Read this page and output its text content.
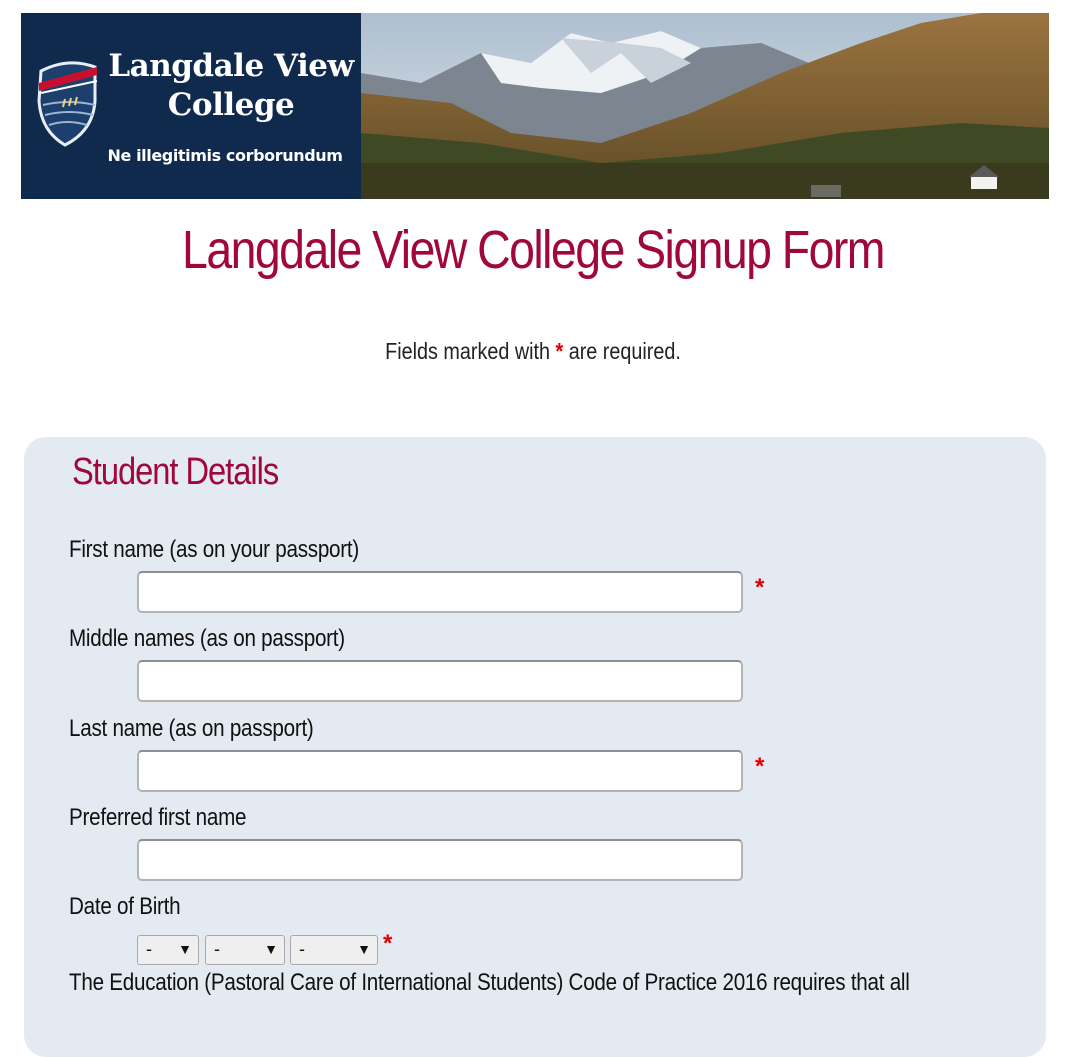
Langdale View
College
Ne illegitimis corborundum
Langdale View College Signup Form
Fields marked with * are required.
Student Details
First name (as on your passport)
*
Middle names (as on passport)
Last name (as on passport)
*
Preferred first name
Date of Birth
- ▼ -	▼ -	▼ *
The Education (Pastoral Care of International Students) Code of Practice 2016 requires that all
